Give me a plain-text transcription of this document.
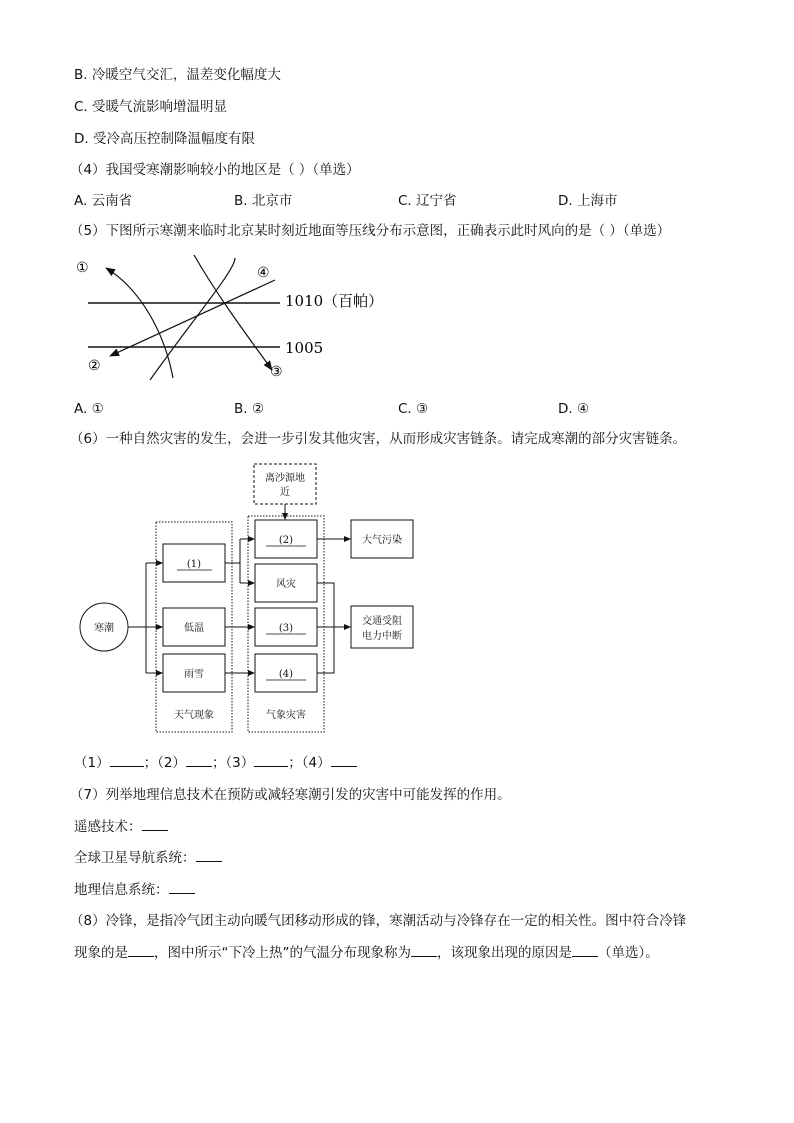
B. 冷暖空气交汇，温差变化幅度大
C. 受暖气流影响增温明显
D. 受冷高压控制降温幅度有限
（4）我国受寒潮影响较小的地区是（ ）（单选）
A. 云南省	B. 北京市	C. 辽宁省	D. 上海市
（5）下图所示寒潮来临时北京某时刻近地面等压线分布示意图，正确表示此时风向的是（ ）（单选）
①
②	③
④
1010（百帕）
1005
A. ①	B. ②	C. ③	D. ④
（6）一种自然灾害的发生，会进一步引发其他灾害，从而形成灾害链条。请完成寒潮的部分灾害链条。
天气现象	气象灾害
寒潮
(1)
低温
雨雪
离沙源地
近
(2)
风灾
(3)
(4)
大气污染
交通受阻
电力中断
（1）	；（2） ；（3）	；（4）
（7）列举地理信息技术在预防或减轻寒潮引发的灾害中可能发挥的作用。
遥感技术：
全球卫星导航系统：
地理信息系统：
（8）冷锋，是指冷气团主动向暖气团移动形成的锋，寒潮活动与冷锋存在一定的相关性。图中符合冷锋
现象的是 ，图中所示“下冷上热”的气温分布现象称为 ，该现象出现的原因是 （单选）。
